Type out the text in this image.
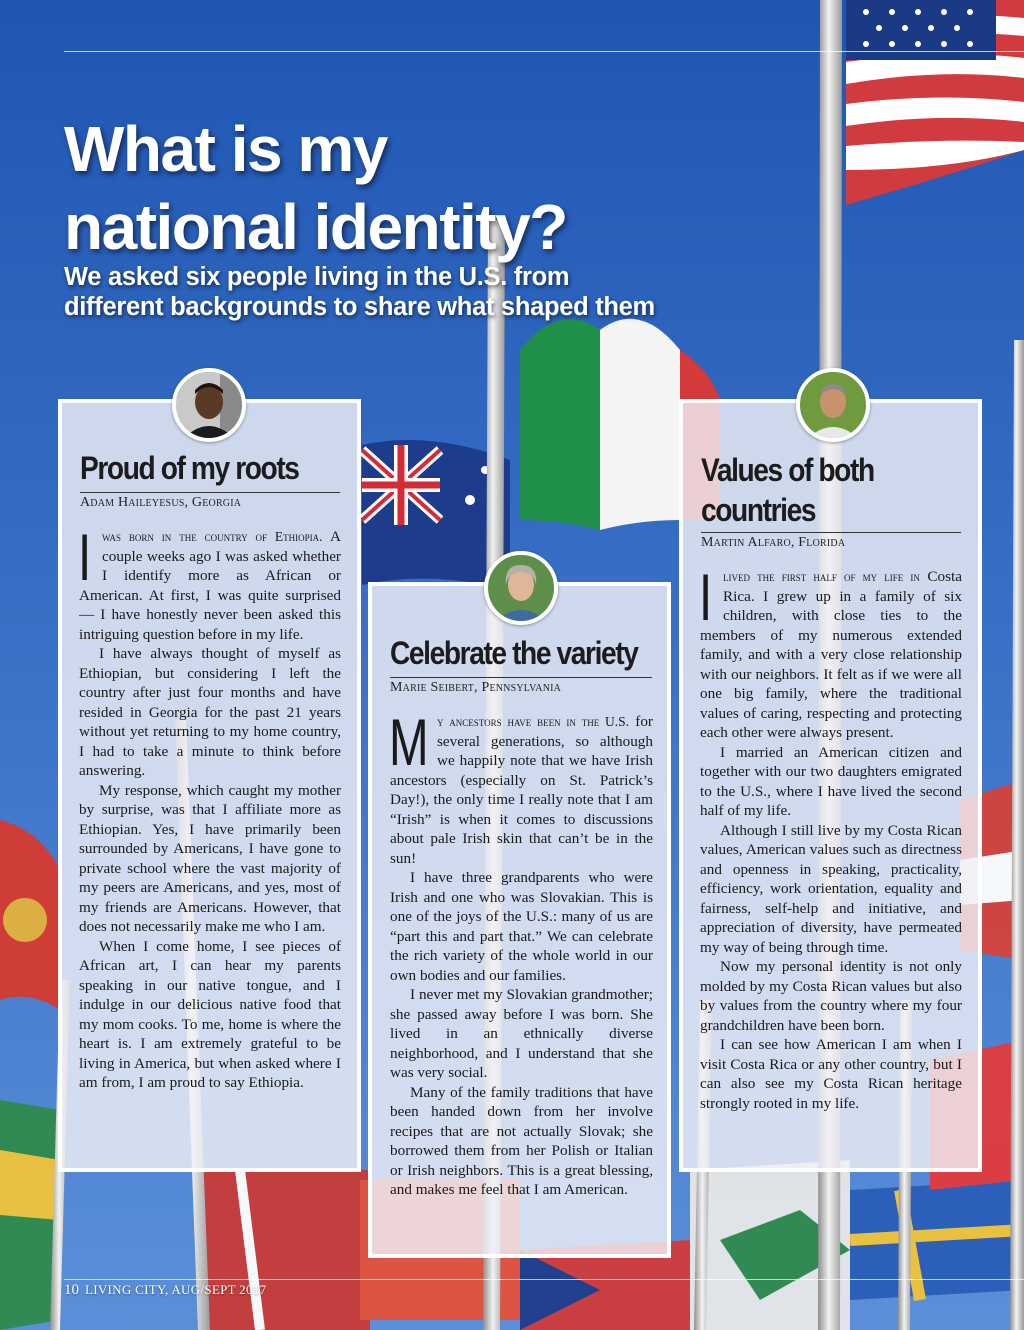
What is my
national identity?
We asked six people living in the U.S. from
different backgrounds to share what shaped them
Proud of my roots

Adam Haileyesus, Georgia

Iwas born in the country of Ethiopia. A couple weeks ago I was asked whether I identify more as African or American. At first, I was quite surprised — I have honestly never been asked this intriguing question before in my life.

I have always thought of myself as Ethiopian, but considering I left the country after just four months and have resided in Georgia for the past 21 years without yet returning to my home country, I had to take a minute to think before answering.

My response, which caught my mother by surprise, was that I affiliate more as Ethiopian. Yes, I have primarily been surrounded by Americans, I have gone to private school where the vast majority of my peers are Americans, and yes, most of my friends are Americans. However, that does not necessarily make me who I am.

When I come home, I see pieces of African art, I can hear my parents speaking in our native tongue, and I indulge in our delicious native food that my mom cooks. To me, home is where the heart is. I am extremely grateful to be living in America, but when asked where I am from, I am proud to say Ethiopia.

Celebrate the variety

Marie Seibert, Pennsylvania

My ancestors have been in the U.S. for several generations, so although we happily note that we have Irish ancestors (especially on St. Patrick’s Day!), the only time I really note that I am “Irish” is when it comes to discussions about pale Irish skin that can’t be in the sun!

I have three grandparents who were Irish and one who was Slovakian. This is one of the joys of the U.S.: many of us are “part this and part that.” We can celebrate the rich variety of the whole world in our own bodies and our families.

I never met my Slovakian grandmother; she passed away before I was born. She lived in an ethnically diverse neighborhood, and I understand that she was very social.

Many of the family traditions that have been handed down from her involve recipes that are not actually Slovak; she borrowed them from her Polish or Italian or Irish neighbors. This is a great blessing, and makes me feel that I am American.

Values of both
countries

Martin Alfaro, Florida

Ilived the first half of my life in Costa Rica. I grew up in a family of six children, with close ties to the members of my numerous extended family, and with a very close relationship with our neighbors. It felt as if we were all one big family, where the traditional values of caring, respecting and protecting each other were always present.

I married an American citizen and together with our two daughters emigrated to the U.S., where I have lived the second half of my life.

Although I still live by my Costa Rican values, American values such as directness and openness in speaking, practicality, efficiency, work orientation, equality and fairness, self-help and initiative, and appreciation of diversity, have permeated my way of being through time.

Now my personal identity is not only molded by my Costa Rican values but also by values from the country where my four grandchildren have been born.

I can see how American I am when I visit Costa Rica or any other country, but I can also see my Costa Rican heritage strongly rooted in my life.

10 LIVING CITY, AUG/SEPT 2017
